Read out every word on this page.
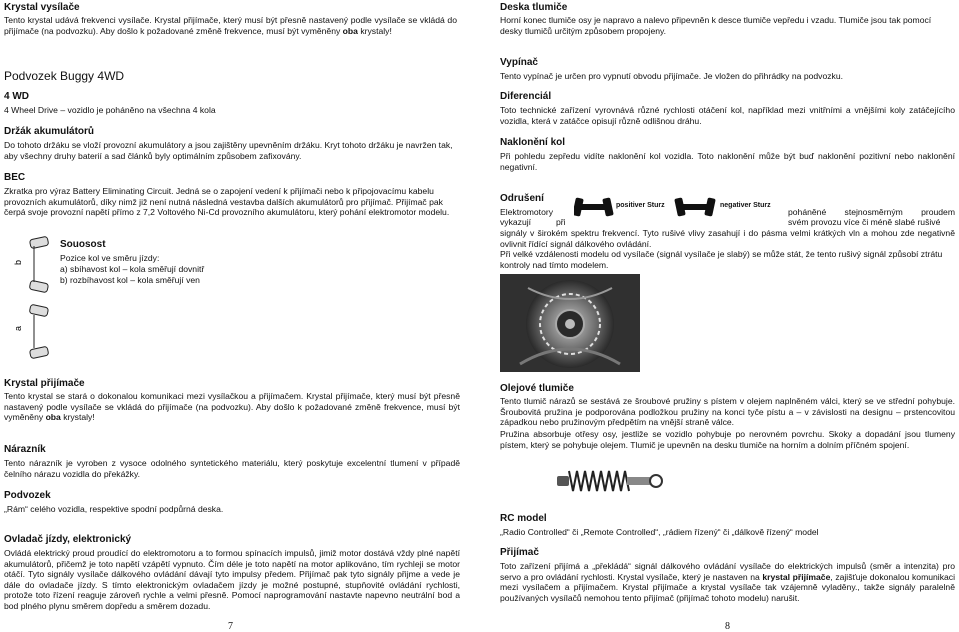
Krystal vysílače
Tento krystal udává frekvenci vysílače. Krystal přijímače, který musí být přesně nastavený podle vysílače se vkládá do přijímače (na podvozku). Aby došlo k požadované změně frekvence, musí být vyměněny oba krystaly!
Podvozek Buggy 4WD
4 WD
4 Wheel Drive – vozidlo je poháněno na všechna 4 kola
Držák akumulátorů
Do tohoto držáku se vloží provozní akumulátory a jsou zajištěny upevněním držáku. Kryt tohoto držáku je navržen tak, aby všechny druhy baterií a sad článků byly optimálním způsobem zafixovány.
BEC
Zkratka pro výraz Battery Eliminating Circuit. Jedná se o zapojení vedení k přijímači nebo k připojovacímu kabelu provozních akumulátorů, díky nimž již není nutná následná vestavba dalších akumulátorů pro přijímač. Přijímač pak čerpá svoje provozní napětí přímo z 7,2 Voltového Ni-Cd provozního akumulátoru, který pohání elektromotor modelu.
b
a
Souosost
Pozice kol ve směru jízdy:
a) sbíhavost kol – kola směřují dovnitř
b) rozbíhavost kol – kola směřují ven
Deska tlumiče
Horní konec tlumiče osy je napravo a nalevo připevněn k desce tlumiče vepředu i vzadu. Tlumiče jsou tak pomocí desky tlumičů určitým způsobem propojeny.
Vypínač
Tento vypínač je určen pro vypnutí obvodu přijímače. Je vložen do přihrádky na podvozku.
Diferenciál
Toto technické zařízení vyrovnává různé rychlosti otáčení kol, například mezi vnitřními a vnějšími koly zatáčejícího vozidla, která v zatáčce opisují různě odlišnou dráhu.
Naklonění kol
Při pohledu zepředu vidíte naklonění kol vozidla. Toto naklonění může být buď naklonění pozitivní nebo naklonění negativní.
Odrušení
Elektromotory	poháněné stejnosměrným proudem
vykazují	při	svém provozu více či méně slabé rušivé
signály v širokém spektru frekvencí. Tyto rušivé vlivy zasahují i do pásma velmi krátkých vln a mohou zde negativně ovlivnit řídící signál dálkového ovládání.
Při velké vzdálenosti modelu od vysílače (signál vysílače je slabý) se může stát, že tento rušivý signál způsobí ztrátu kontroly nad tímto modelem.
positiver Sturz	negativer Sturz
Krystal přijímače
Tento krystal se stará o dokonalou komunikaci mezi vysílačkou a přijímačem. Krystal přijímače, který musí být přesně nastavený podle vysílače se vkládá do přijímače (na podvozku). Aby došlo k požadované změně frekvence, musí být vyměněny oba krystaly!
Nárazník
Tento nárazník je vyroben z vysoce odolného syntetického materiálu, který poskytuje excelentní tlumení v případě čelního nárazu vozidla do překážky.
Podvozek
„Rám“ celého vozidla, respektive spodní podpůrná deska.
Ovladač jízdy, elektronický
Ovládá elektrický proud proudící do elektromotoru a to formou spínacích impulsů, jimiž motor dostává vždy plné napětí akumulátorů, přičemž je toto napětí vzápětí vypnuto. Čím déle je toto napětí na motor aplikováno, tím rychleji se motor otáčí. Tyto signály vysílače dálkového ovládání dávají tyto impulsy předem. Přijímač pak tyto signály přijme a vede je dále do ovladače jízdy. S tímto elektronickým ovladačem jízdy je možné postupné, stupňovité ovládání rychlosti, protože toto řízení reaguje zároveň rychle a velmi přesně. Pomocí naprogramování nastavte napevno neutrální bod a bod plného plynu směrem dopředu a směrem dozadu.
7
Olejové tlumiče
Tento tlumič nárazů se sestává ze šroubové pružiny s pístem v olejem naplněném válci, který se ve střední pohybuje. Šroubovitá pružina je podporována podložkou pružiny na konci tyče pístu a – v závislosti na designu – prstencovitou západkou nebo pružinovým předpětím na vnější straně válce.
Pružina absorbuje otřesy osy, jestliže se vozidlo pohybuje po nerovném povrchu. Skoky a dopadání jsou tlumeny pístem, který se pohybuje olejem. Tlumič je upevněn na desku tlumiče na horním a dolním příčném spojení.
RC model
„Radio Controlled“ či „Remote Controlled“, „rádiem řízený“ či „dálkově řízený“ model
Přijímač
Toto zařízení přijímá a „překládá“ signál dálkového ovládání vysílače do elektrických impulsů (směr a intenzita) pro servo a pro ovládání rychlosti. Krystal vysílače, který je nastaven na krystal přijímače, zajišťuje dokonalou komunikaci mezi vysílačem a přijímačem. Krystal přijímače a krystal vysílače tak vzájemně vyladěny., takže signály paralelně používaných vysílačů nemohou tento přijímač (přijímač tohoto modelu) narušit.
8
